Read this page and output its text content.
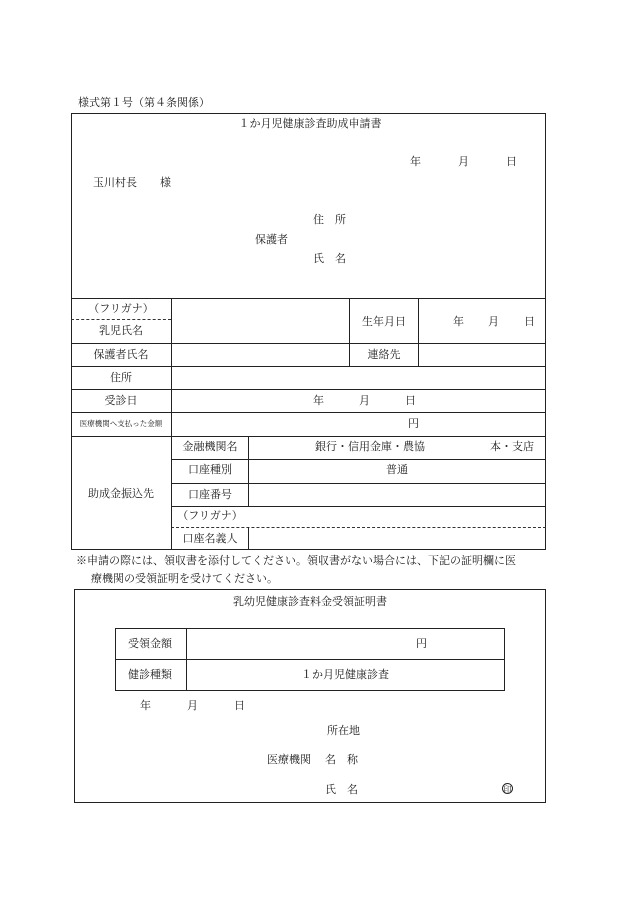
様式第１号（第４条関係）
１か月児健康診査助成申請書
年	月	日
玉川村長 様
住　所
保護者
氏　名
（フリガナ）
乳児氏名
生年月日	年 月 日
保護者氏名	連絡先
住所
受診日	年	月	日
医療機関へ支払った金額	円
助成金振込先
金融機関名	銀行・信用金庫・農協	本・支店
口座種別	普通
口座番号
（フリガナ）
口座名義人
※申請の際には、領収書を添付してください。領収書がない場合には、下記の証明欄に医
療機関の受領証明を受けてください。
乳幼児健康診査料金受領証明書
受領金額	円
健診種類	１か月児健康診査
年	月	日
所在地
医療機関 名　称
氏　名	印
